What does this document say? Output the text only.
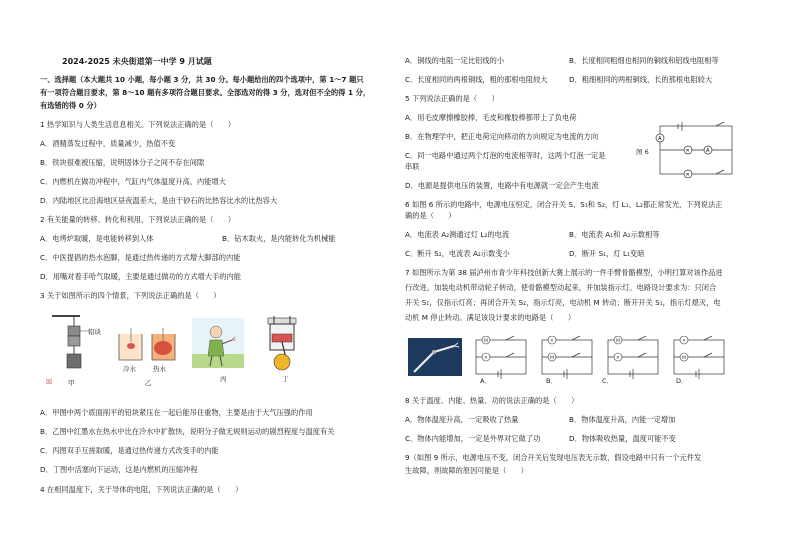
2024-2025 未央街道第一中学 9 月试题
一、选择题（本大题共 10 小题，每小题 3 分，共 30 分。每小题给出的四个选项中，第 1～7 题只
有一项符合题目要求，第 8～10 题有多项符合题目要求。全部选对的得 3 分，选对但不全的得 1 分，
有选错的得 0 分）
1 热学知识与人类生活息息相关。下列说法正确的是（　　）
A．酒精蒸发过程中，质量减少，热值不变
B．铁块很难被压缩，说明固体分子之间不存在间隙
C．内燃机在做功冲程中，气缸内气体温度升高，内能增大
D．内陆地区比沿海地区昼夜温差大，是由于砂石的比热容比水的比热容大
2 有关能量的转移、转化和利用，下列说法正确的是（　　）
A．电烤炉取暖，是电能转移到人体	B．钻木取火，是内能转化为机械能
C．中医提倡的热水泡脚，是通过热传递的方式增大脚部的内能
D．用嘴对着手哈气取暖，主要是通过做功的方式增大手的内能
3 关于如图所示的四个情景，下列说法正确的是（　　）
铅块
☒ 甲
冷水	热水
乙	丙	丁
A．甲图中两个底面削平的铅块紧压在一起后能吊住重物，主要是由于大气压强的作用
B．乙图中红墨水在热水中比在冷水中扩散快，说明分子做无规则运动的剧烈程度与温度有关
C．丙图双手互搓取暖，是通过热传递方式改变手的内能
D．丁图中活塞向下运动，这是内燃机的压缩冲程
4 在相同温度下，关于导体的电阻，下列说法正确的是（　　）
A．铜线的电阻一定比铝线的小	B．长度相同粗细也相同的铜线和铝线电阻相等
C．长度相同的两根铜线，粗的那根电阻较大	D．粗细相同的两根铜线，长的那根电阻较大
5 下列说法正确的是（　　）
A．用毛皮摩擦橡胶棒，毛皮和橡胶棒都带上了负电荷
B．在物理学中，把正电荷定向移动的方向规定为电流的方向
C．同一电路中通过两个灯泡的电流相等时，这两个灯泡一定是
串联
A
✕
✕
A
图 6
D．电源是提供电压的装置，电路中有电源就一定会产生电流
6 如图 6 所示的电路中，电源电压恒定，闭合开关 S、S₁和 S₂，灯 L₁、L₂都正常发光，下列说法正
确的是（　　）
A．电流表 A₂测通过灯 L₂的电流	B．电流表 A₁和 A₂示数相等
C．断开 S₂，电流表 A₂示数变小	D．断开 S₁，灯 L₁变暗
7 如图所示为第 38 届泸州市青少年科技创新大赛上展示的一件手臂骨骼模型，小明打算对该作品进
行改进，加装电动机带动轮子转动，使骨骼模型动起来，并加装指示灯。电路设计要求为：只闭合
开关 S₁，仅指示灯亮；再闭合开关 S₂，指示灯亮，电动机 M 转动；断开开关 S₁，指示灯熄灭，电
动机 M 停止转动。满足该设计要求的电路是（　　）
M
✕
✕
M
M
✕
✕
M
A．	B．	C．	D．
8 关于温度、内能、热量、功的说法正确的是（　　）
A．物体温度升高，一定吸收了热量	B．物体温度升高，内能一定增加
C．物体内能增加，一定是外界对它做了功	D．物体吸收热量，温度可能不变
9（如图 9 所示，电源电压不变，闭合开关后发现电压表无示数，假设电路中只有一个元件发
生故障，则故障的原因可能是（　　）
